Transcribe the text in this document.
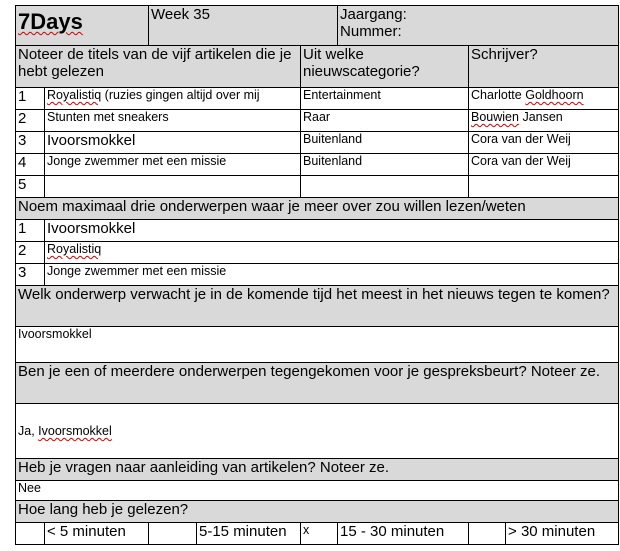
7Days		Week 35			Jaargang:
Nummer:		

Noteer de titels van de vijf artikelen die je hebt gelezen				Uit welke nieuwscategorie?		Schrijver?	
1	Royalistiq (ruzies gingen altijd over mij			Entertainment		Charlotte Goldhoorn	
2	Stunten met sneakers			Raar		Bouwien Jansen	
3	Ivoorsmokkel			Buitenland		Cora van der Weij	
4	Jonge zwemmer met een missie			Buitenland		Cora van der Weij	
5							
Noem maximaal drie onderwerpen waar je meer over zou willen lezen/weten							
1	Ivoorsmokkel						
2	Royalistiq						
3	Jonge zwemmer met een missie						
Welk onderwerp verwacht je in de komende tijd het meest in het nieuws tegen te komen?							
Ivoorsmokkel							
Ben je een of meerdere onderwerpen tegengekomen voor je gespreksbeurt? Noteer ze.							
Ja, Ivoorsmokkel							
Heb je vragen naar aanleiding van artikelen? Noteer ze.							
Nee							
Hoe lang heb je gelezen?							
	< 5 minuten		5-15 minuten	x	15 - 30 minuten		> 30 minuten
